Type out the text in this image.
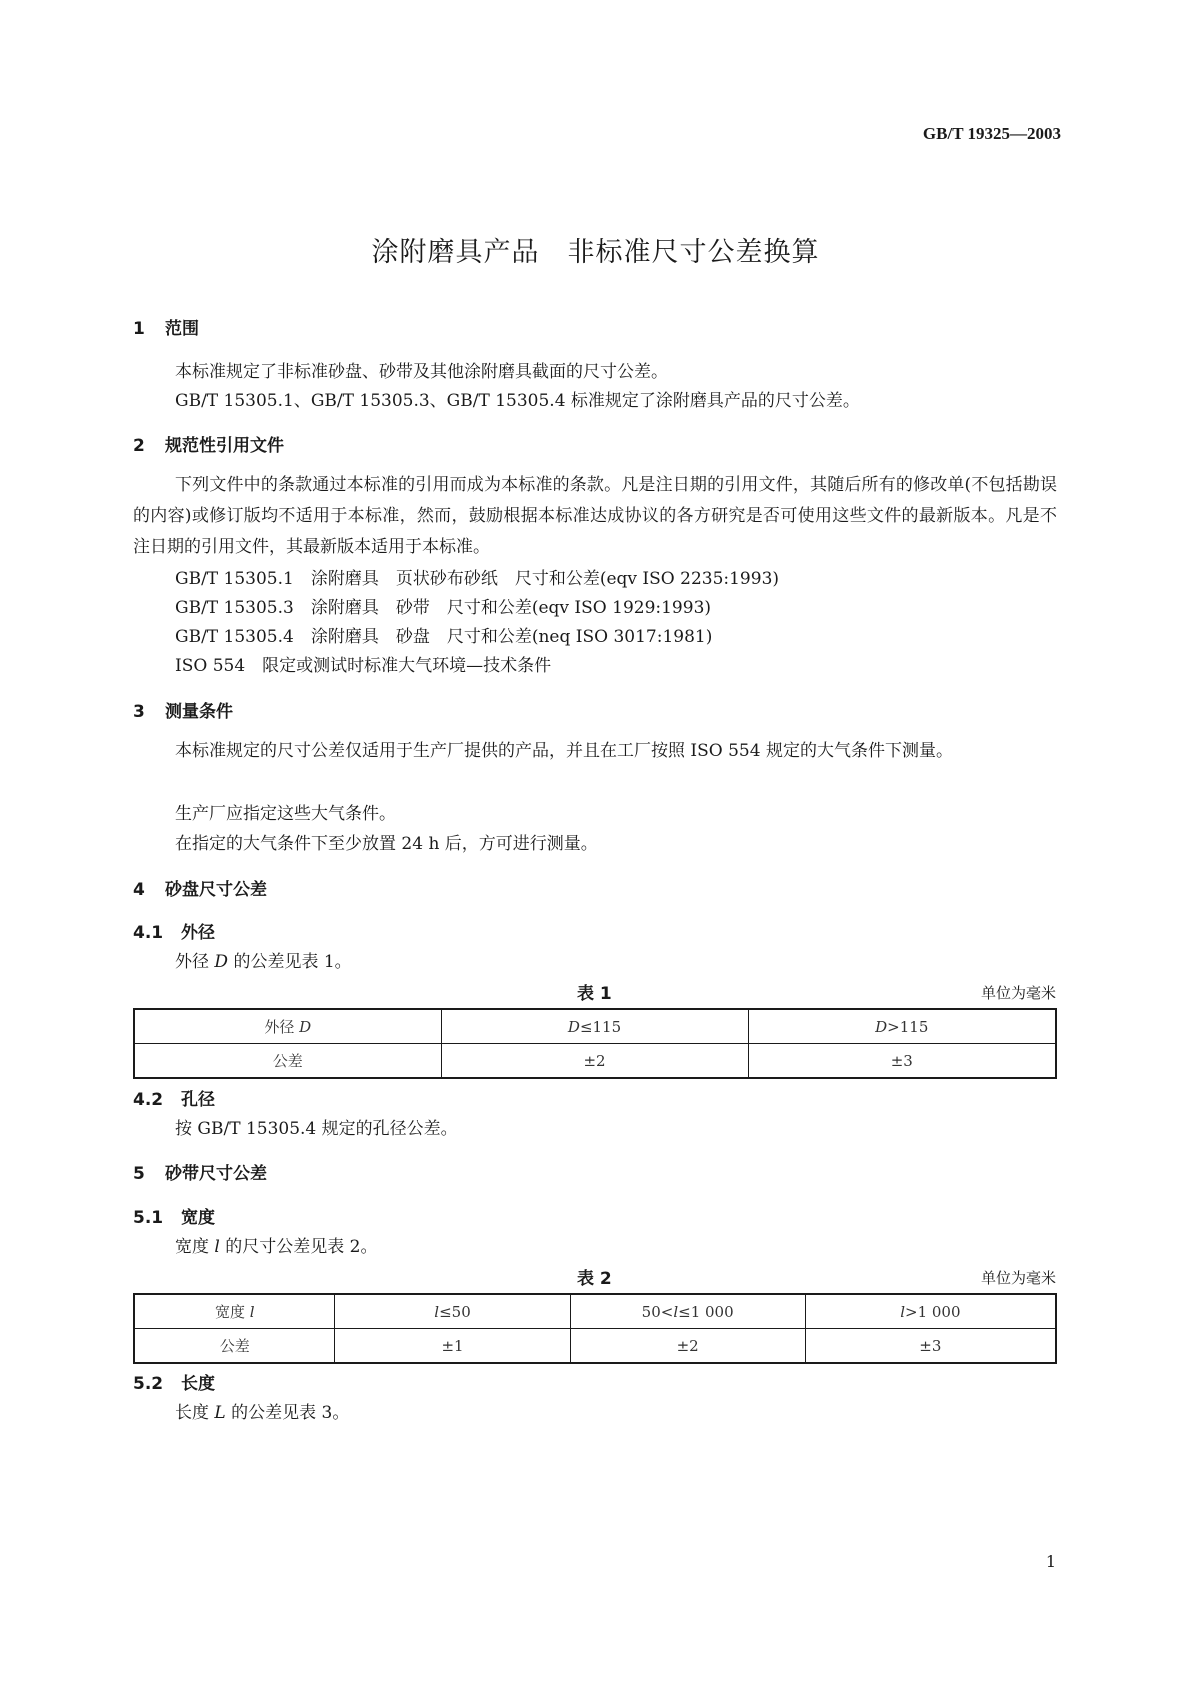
GB/T 19325—2003
涂附磨具产品　非标准尺寸公差换算
1 范围
本标准规定了非标准砂盘、砂带及其他涂附磨具截面的尺寸公差。
GB/T 15305.1、GB/T 15305.3、GB/T 15305.4 标准规定了涂附磨具产品的尺寸公差。
2 规范性引用文件
下列文件中的条款通过本标准的引用而成为本标准的条款。凡是注日期的引用文件，其随后所有的修改单(不包括勘误的内容)或修订版均不适用于本标准，然而，鼓励根据本标准达成协议的各方研究是否可使用这些文件的最新版本。凡是不注日期的引用文件，其最新版本适用于本标准。
GB/T 15305.1　涂附磨具　页状砂布砂纸　尺寸和公差(eqv ISO 2235:1993)
GB/T 15305.3　涂附磨具　砂带　尺寸和公差(eqv ISO 1929:1993)
GB/T 15305.4　涂附磨具　砂盘　尺寸和公差(neq ISO 3017:1981)
ISO 554　限定或测试时标准大气环境—技术条件
3 测量条件
本标准规定的尺寸公差仅适用于生产厂提供的产品，并且在工厂按照 ISO 554 规定的大气条件下测量。
生产厂应指定这些大气条件。
在指定的大气条件下至少放置 24 h 后，方可进行测量。
4 砂盘尺寸公差
4.1 外径
外径 D 的公差见表 1。
表 1	单位为毫米
外径 D	D≤115	D>115
公差	±2	±3
4.2 孔径
按 GB/T 15305.4 规定的孔径公差。
5 砂带尺寸公差
5.1 宽度
宽度 l 的尺寸公差见表 2。
表 2	单位为毫米
宽度 l	l≤50	50<l≤1 000	l>1 000
公差	±1	±2	±3
5.2 长度
长度 L 的公差见表 3。
1
